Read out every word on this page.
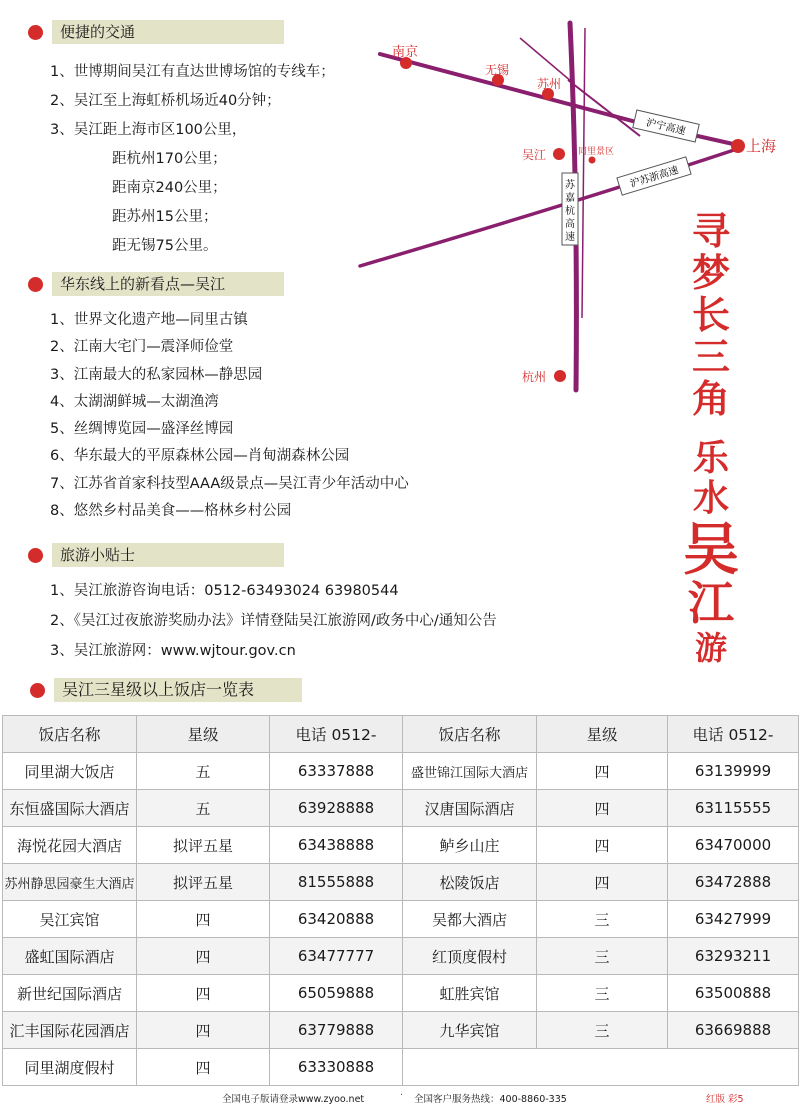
便捷的交通
1、世博期间吴江有直达世博场馆的专线车；
2、吴江至上海虹桥机场近40分钟；
3、吴江距上海市区100公里，
距杭州170公里；
距南京240公里；
距苏州15公里；
距无锡75公里。
华东线上的新看点—吴江
1、世界文化遗产地—同里古镇
2、江南大宅门—震泽师俭堂
3、江南最大的私家园林—静思园
4、太湖湖鲜城—太湖渔湾
5、丝绸博览园—盛泽丝博园
6、华东最大的平原森林公园—肖甸湖森林公园
7、江苏省首家科技型AAA级景点—吴江青少年活动中心
8、悠然乡村品美食——格林乡村公园
旅游小贴士
1、吴江旅游咨询电话：0512-63493024 63980544
2、《吴江过夜旅游奖励办法》详情登陆吴江旅游网/政务中心/通知公告
3、吴江旅游网：www.wjtour.gov.cn
吴江三星级以上饭店一览表
南京
无锡
苏州
上海
吴江	同里景区
杭州
沪宁高速
沪苏浙高速
苏
嘉
杭
高
速	寻
梦
长
三
角
乐
水
吴
江
游
饭店名称	星级	电话 0512-	饭店名称	星级	电话 0512-
同里湖大饭店	五	63337888	盛世锦江国际大酒店	四	63139999
东恒盛国际大酒店	五	63928888	汉唐国际酒店	四	63115555
海悦花园大酒店	拟评五星	63438888	鲈乡山庄	四	63470000
苏州静思园豪生大酒店	拟评五星	81555888	松陵饭店	四	63472888
吴江宾馆	四	63420888	吴都大酒店	三	63427999
盛虹国际酒店	四	63477777	红顶度假村	三	63293211
新世纪国际酒店	四	65059888	虹胜宾馆	三	63500888
汇丰国际花园酒店	四	63779888	九华宾馆	三	63669888
同里湖度假村	四	63330888			
全国电子版请登录www.zyoo.net	· 全国客户服务热线：400-8860-335	红版 彩5
